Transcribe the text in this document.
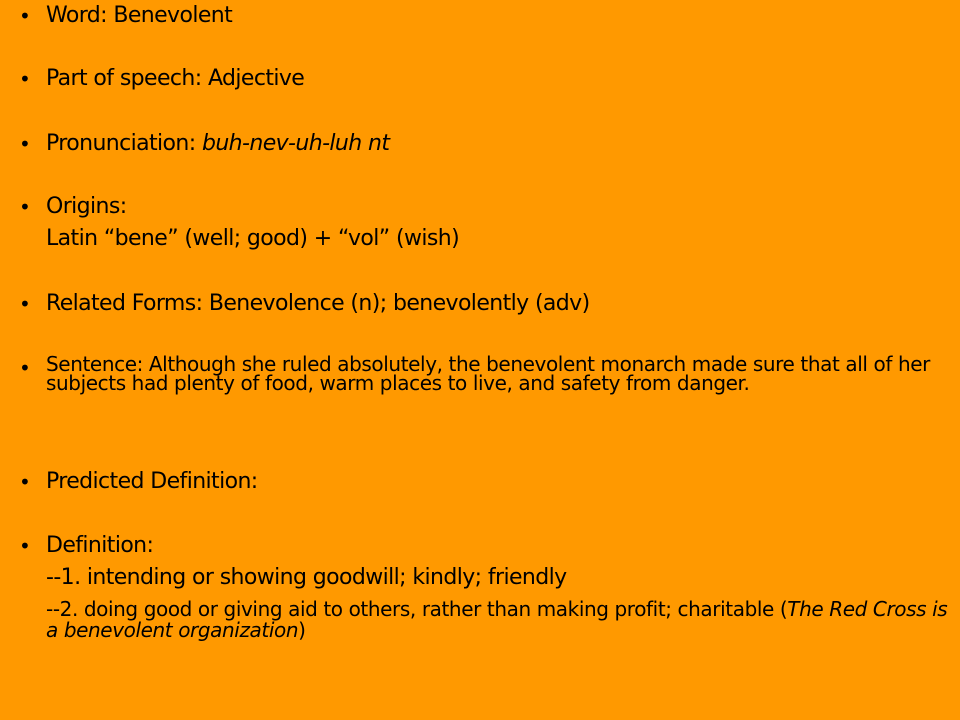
• Word: Benevolent
• Part of speech: Adjective
• Pronunciation: buh-nev-uh-luh nt
• Origins:
Latin “bene” (well; good) + “vol” (wish)
• Related Forms: Benevolence (n); benevolently (adv)
• Sentence: Although she ruled absolutely, the benevolent monarch made sure that all of her subjects had plenty of food, warm places to live, and safety from danger.
• Predicted Definition:
• Definition:
--1. intending or showing goodwill; kindly; friendly
--2. doing good or giving aid to others, rather than making profit; charitable (The Red Cross is a benevolent organization)
